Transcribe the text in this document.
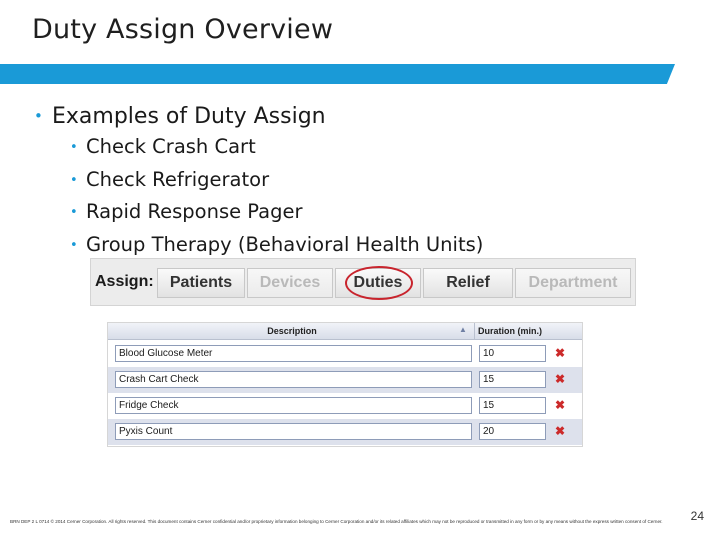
Duty Assign Overview
• Examples of Duty Assign
• Check Crash Cart
• Check Refrigerator
• Rapid Response Pager
• Group Therapy (Behavioral Health Units)
Assign:	Patients	Devices	Duties	Relief	Department
Description	▲ Duration (min.)
Blood Glucose Meter	10	✖
Crash Cart Check	15	✖
Fridge Check	15	✖
Pyxis Count	20	✖
24
BRN DEP 2 L 0714 © 2014 Cerner Corporation. All rights reserved. This document contains Cerner confidential and/or proprietary information belonging to Cerner Corporation and/or its related affiliates which may not be reproduced or transmitted in any form or by any means without the express written consent of Cerner.
